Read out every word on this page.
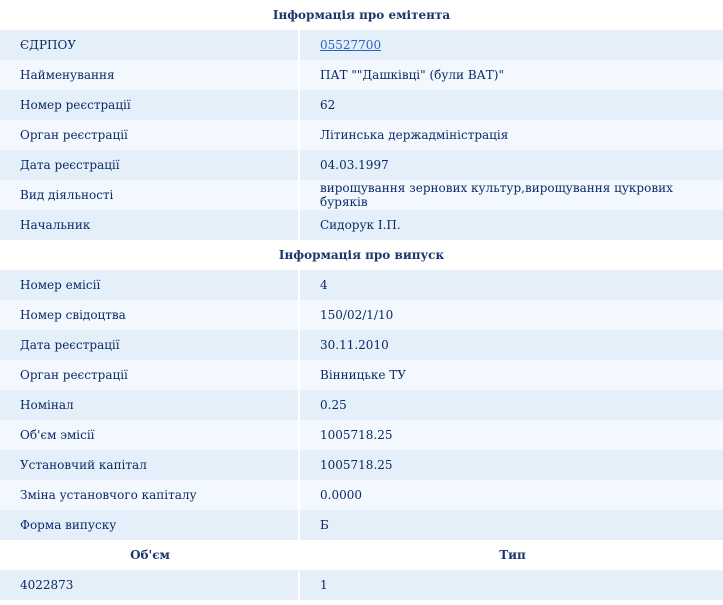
Інформація про емітента
ЄДРПОУ	05527700
Найменування	ПАТ ""Дашківці" (були ВАТ)"
Номер реєстрації	62
Орган реєстрації	Літинська держадміністрація
Дата реєстрації	04.03.1997
Вид діяльності	вирощування зернових культур,вирощування цукрових буряків
Начальник	Сидорук І.П.
Інформація про випуск
Номер емісії	4
Номер свідоцтва	150/02/1/10
Дата реєстрації	30.11.2010
Орган реєстрації	Вінницьке ТУ
Номінал	0.25
Об'єм эмісії	1005718.25
Установчий капітал	1005718.25
Зміна установчого капіталу	0.0000
Форма випуску	Б
Об'єм	Тип
4022873	1
